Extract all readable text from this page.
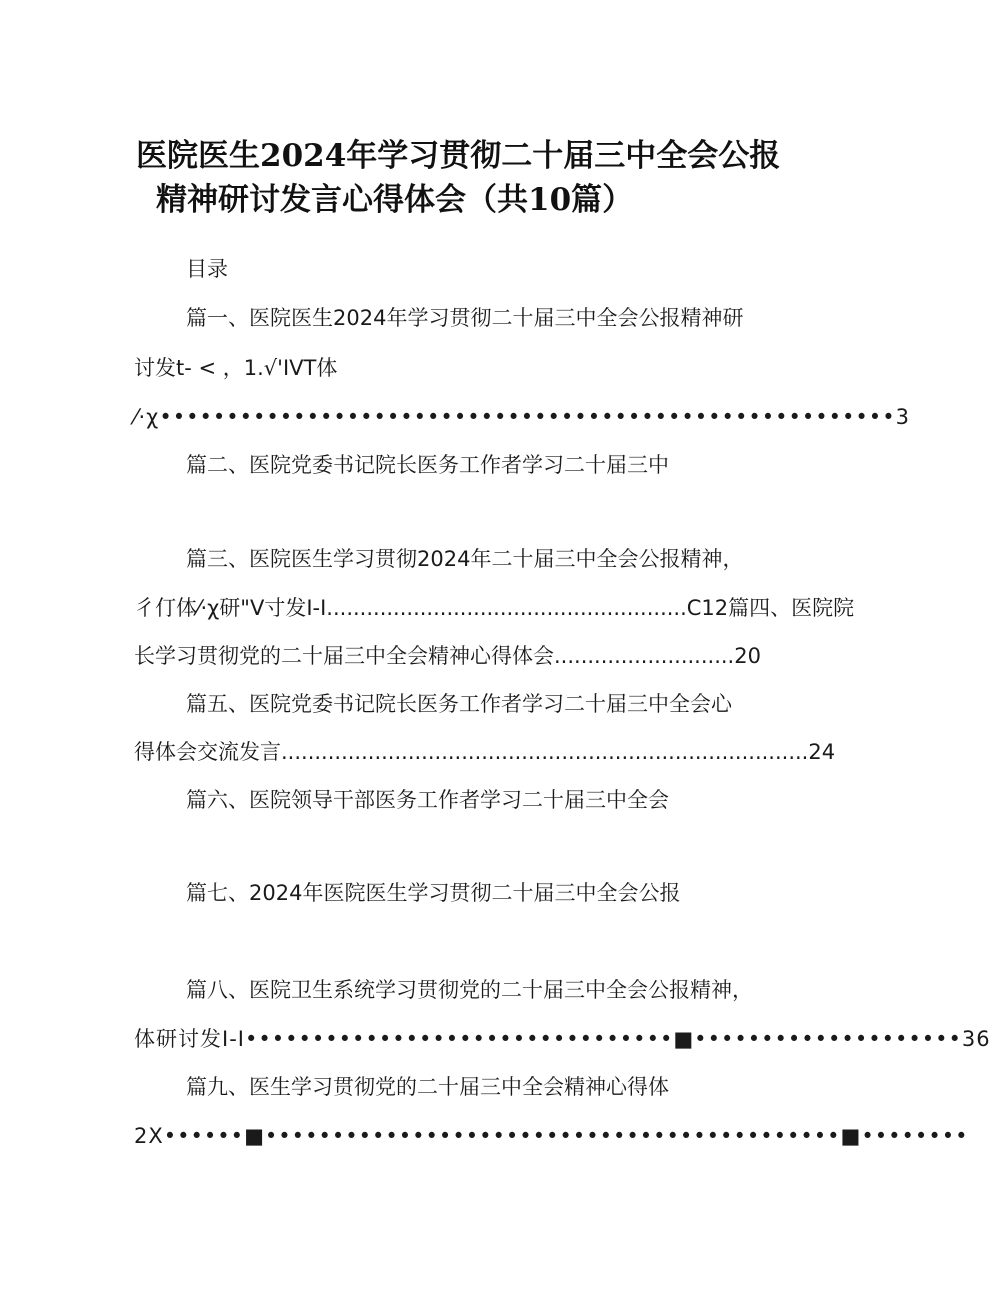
医院医生2024年学习贯彻二十届三中全会公报
精神研讨发言心得体会（共10篇）
目录
篇一、医院医生2024年学习贯彻二十届三中全会公报精神研
讨发t- < ，1.√'IVT体
⁄·χ•••••••••••••••••••••••••••••••••••••••••••••••••••••••3
篇二、医院党委书记院长医务工作者学习二十届三中
篇三、医院医生学习贯彻2024年二十届三中全会公报精神，
彳仃体⁄·χ研"V寸发I-I......................................................C12篇四、医院院
长学习贯彻党的二十届三中全会精神心得体会...........................20
篇五、医院党委书记院长医务工作者学习二十届三中全会心
得体会交流发言...............................................................................24
篇六、医院领导干部医务工作者学习二十届三中全会
篇七、2024年医院医生学习贯彻二十届三中全会公报
篇八、医院卫生系统学习贯彻党的二十届三中全会公报精神，
体研讨发I-I••••••••••••••••••••••••••••••••■••••••••••••••••••••36
篇九、医生学习贯彻党的二十届三中全会精神心得体
2X••••••■•••••••••••••••••••••••••••••••••••••••••••■••••••••
